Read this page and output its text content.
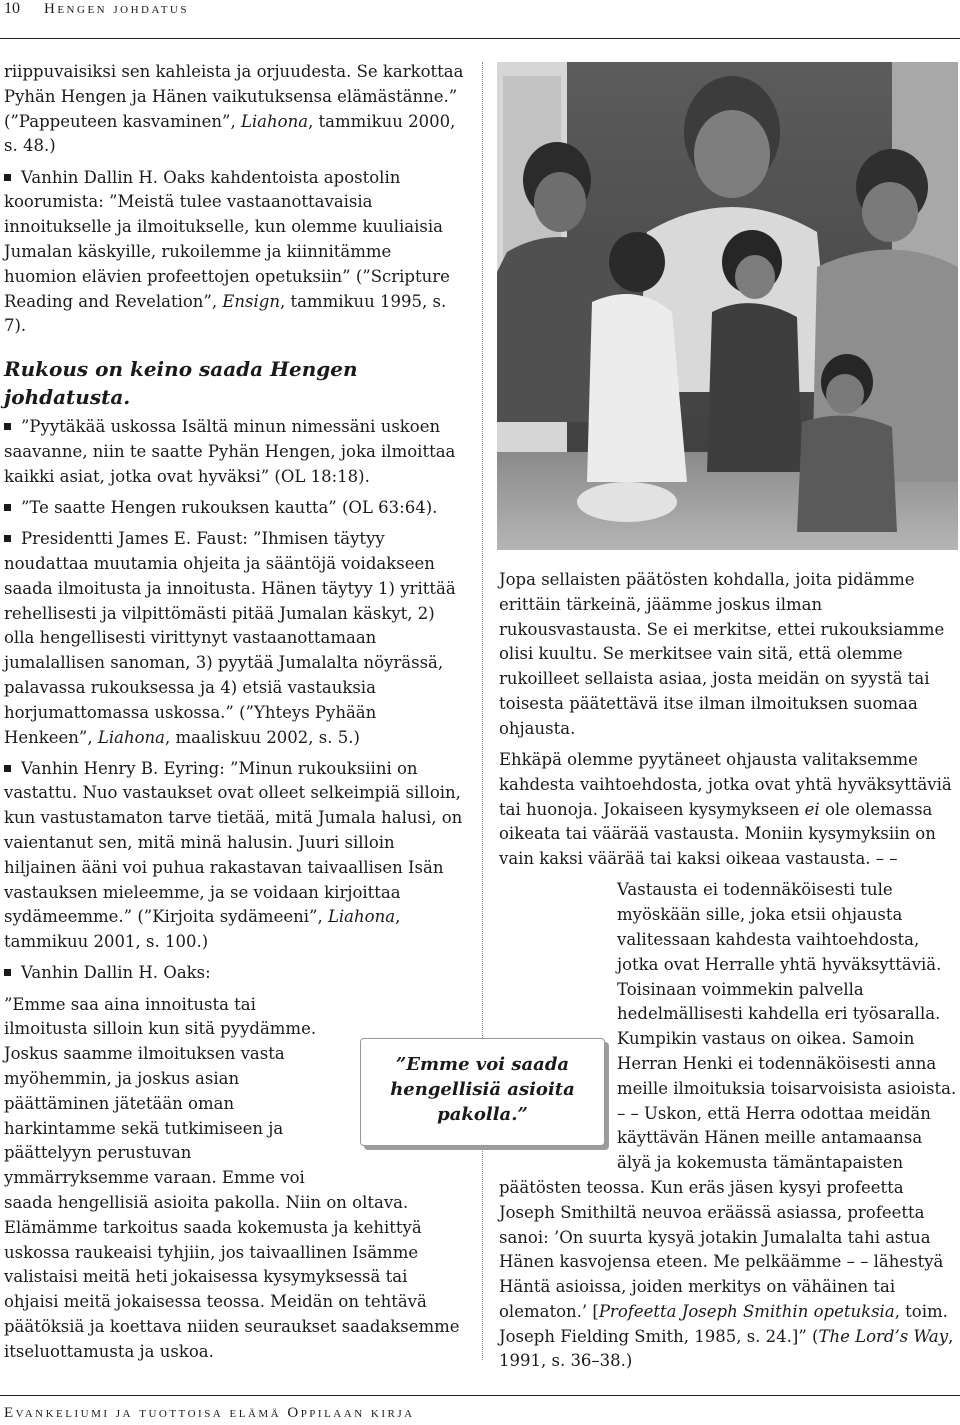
10 Hengen johdatus

riippuvaisiksi sen kahleista ja orjuudesta. Se karkottaa Pyhän Hengen ja Hänen vaikutuksensa elämästänne.” (”Pappeuteen kasvaminen”, Liahona, tammikuu 2000, s. 48.)

Vanhin Dallin H. Oaks kahdentoista apostolin koorumista: ”Meistä tulee vastaanottavaisia innoitukselle ja ilmoitukselle, kun olemme kuuliaisia Jumalan käskyille, rukoilemme ja kiinnitämme huomion elävien profeettojen opetuksiin” (”Scripture Reading and Revelation”, Ensign, tammikuu 1995, s. 7).

Rukous on keino saada Hengen johdatusta.

”Pyytäkää uskossa Isältä minun nimessäni uskoen saavanne, niin te saatte Pyhän Hengen, joka ilmoittaa kaikki asiat, jotka ovat hyväksi” (OL 18:18).

”Te saatte Hengen rukouksen kautta” (OL 63:64).

Presidentti James E. Faust: ”Ihmisen täytyy noudattaa muutamia ohjeita ja sääntöjä voidakseen saada ilmoitusta ja innoitusta. Hänen täytyy 1) yrittää rehellisesti ja vilpittömästi pitää Jumalan käskyt, 2) olla hengellisesti virittynyt vastaanottamaan jumalallisen sanoman, 3) pyytää Jumalalta nöyrässä, palavassa rukouksessa ja 4) etsiä vastauksia horjumattomassa uskossa.” (”Yhteys Pyhään Henkeen”, Liahona, maaliskuu 2002, s. 5.)

Vanhin Henry B. Eyring: ”Minun rukouksiini on vastattu. Nuo vastaukset ovat olleet selkeimpiä silloin, kun vastustamaton tarve tietää, mitä Jumala halusi, on vaientanut sen, mitä minä halusin. Juuri silloin hiljainen ääni voi puhua rakastavan taivaallisen Isän vastauksen mieleemme, ja se voidaan kirjoittaa sydämeemme.” (”Kirjoita sydämeeni”, Liahona, tammikuu 2001, s. 100.)

Vanhin Dallin H. Oaks:

”Emme saa aina innoitusta tai ilmoitusta silloin kun sitä pyydämme. Joskus saamme ilmoituksen vasta myöhemmin, ja joskus asian päättäminen jätetään oman harkintamme sekä tutkimiseen ja päättelyyn perustuvan ymmärryksemme varaan. Emme voi saada hengellisiä asioita pakolla. Niin on oltava. Elämämme tarkoitus saada kokemusta ja kehittyä uskossa raukeaisi tyhjiin, jos taivaallinen Isämme valistaisi meitä heti jokaisessa kysymyksessä tai ohjaisi meitä jokaisessa teossa. Meidän on tehtävä päätöksiä ja koettava niiden seuraukset saadaksemme itseluottamusta ja uskoa.

Jopa sellaisten päätösten kohdalla, joita pidämme erittäin tärkeinä, jäämme joskus ilman rukousvastausta. Se ei merkitse, ettei rukouksiamme olisi kuultu. Se merkitsee vain sitä, että olemme rukoilleet sellaista asiaa, josta meidän on syystä tai toisesta päätettävä itse ilman ilmoituksen suomaa ohjausta.

Ehkäpä olemme pyytäneet ohjausta valitaksemme kahdesta vaihtoehdosta, jotka ovat yhtä hyväksyttäviä tai huonoja. Jokaiseen kysymykseen ei ole olemassa oikeata tai väärää vastausta. Moniin kysymyksiin on vain kaksi väärää tai kaksi oikeaa vastausta. – –

Vastausta ei todennäköisesti tule myöskään sille, joka etsii ohjausta valitessaan kahdesta vaihtoehdosta, jotka ovat Herralle yhtä hyväksyttäviä. Toisinaan voimmekin palvella hedelmällisesti kahdella eri työsaralla. Kumpikin vastaus on oikea. Samoin Herran Henki ei todennäköisesti anna meille ilmoituksia toisarvoisista asioista. – – Uskon, että Herra odottaa meidän käyttävän Hänen meille antamaansa älyä ja kokemusta tämäntapaisten päätösten teossa. Kun eräs jäsen kysyi profeetta Joseph Smithiltä neuvoa eräässä asiassa, profeetta sanoi: ’On suurta kysyä jotakin Jumalalta tahi astua Hänen kasvojensa eteen. Me pelkäämme – – lähestyä Häntä asioissa, joiden merkitys on vähäinen tai olematon.’ [Profeetta Joseph Smithin opetuksia, toim. Joseph Fielding Smith, 1985, s. 24.]” (The Lord’s Way, 1991, s. 36–38.)

”Emme voi saada hengellisiä asioita pakolla.”
Evankeliumi ja tuottoisa elämä Oppilaan kirja
